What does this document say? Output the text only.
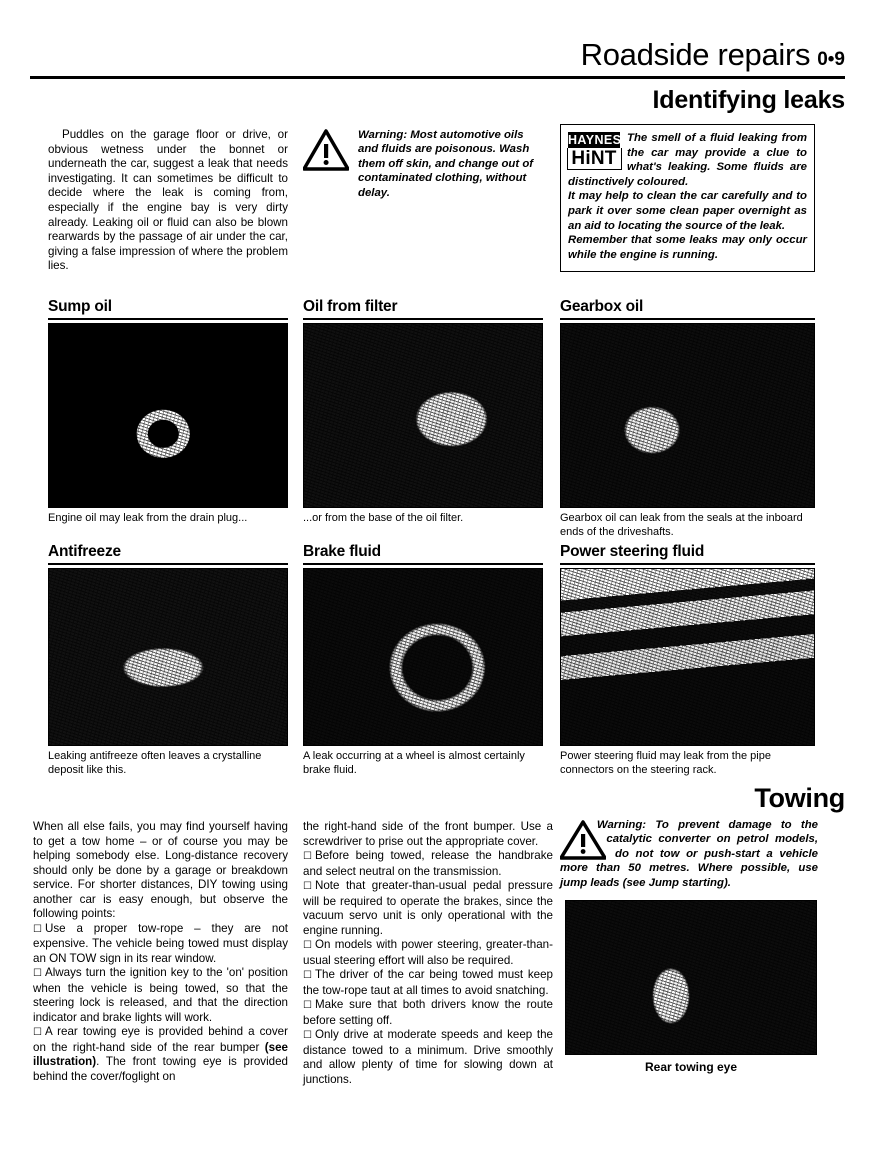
Roadside repairs 0•9
Identifying leaks

Puddles on the garage floor or drive, or obvious wetness under the bonnet or underneath the car, suggest a leak that needs investigating. It can sometimes be difficult to decide where the leak is coming from, especially if the engine bay is very dirty already. Leaking oil or fluid can also be blown rearwards by the passage of air under the car, giving a false impression of where the problem lies.

Warning: Most automotive oils and fluids are poisonous. Wash them off skin, and change out of contaminated clothing, without delay.
HAYNES
HiNT

The smell of a fluid leaking from the car may provide a clue to what's leaking. Some fluids are distinctively coloured.

It may help to clean the car carefully and to park it over some clean paper overnight as an aid to locating the source of the leak.

Remember that some leaks may only occur while the engine is running.

Sump oil
Engine oil may leak from the drain plug...
Oil from filter
...or from the base of the oil filter.
Gearbox oil
Gearbox oil can leak from the seals at the inboard ends of the driveshafts.
Antifreeze
Leaking antifreeze often leaves a crystalline deposit like this.
Brake fluid
A leak occurring at a wheel is almost certainly brake fluid.
Power steering fluid
Power steering fluid may leak from the pipe connectors on the steering rack.
Towing

When all else fails, you may find yourself having to get a tow home – or of course you may be helping somebody else. Long-distance recovery should only be done by a garage or breakdown service. For shorter distances, DIY towing using another car is easy enough, but observe the following points:

☐ Use a proper tow-rope – they are not expensive. The vehicle being towed must display an ON TOW sign in its rear window.

☐ Always turn the ignition key to the 'on' position when the vehicle is being towed, so that the steering lock is released, and that the direction indicator and brake lights will work.

☐ A rear towing eye is provided behind a cover on the right-hand side of the rear bumper (see illustration). The front towing eye is provided behind the cover/foglight on

the right-hand side of the front bumper. Use a screwdriver to prise out the appropriate cover.

☐ Before being towed, release the handbrake and select neutral on the transmission.

☐ Note that greater-than-usual pedal pressure will be required to operate the brakes, since the vacuum servo unit is only operational with the engine running.

☐ On models with power steering, greater-than-usual steering effort will also be required.

☐ The driver of the car being towed must keep the tow-rope taut at all times to avoid snatching.

☐ Make sure that both drivers know the route before setting off.

☐ Only drive at moderate speeds and keep the distance towed to a minimum. Drive smoothly and allow plenty of time for slowing down at junctions.

Warning: To prevent damage to the catalytic converter on petrol models, do not tow or push-start a vehicle more than 50 metres. Where possible, use jump leads (see Jump starting).
Rear towing eye
